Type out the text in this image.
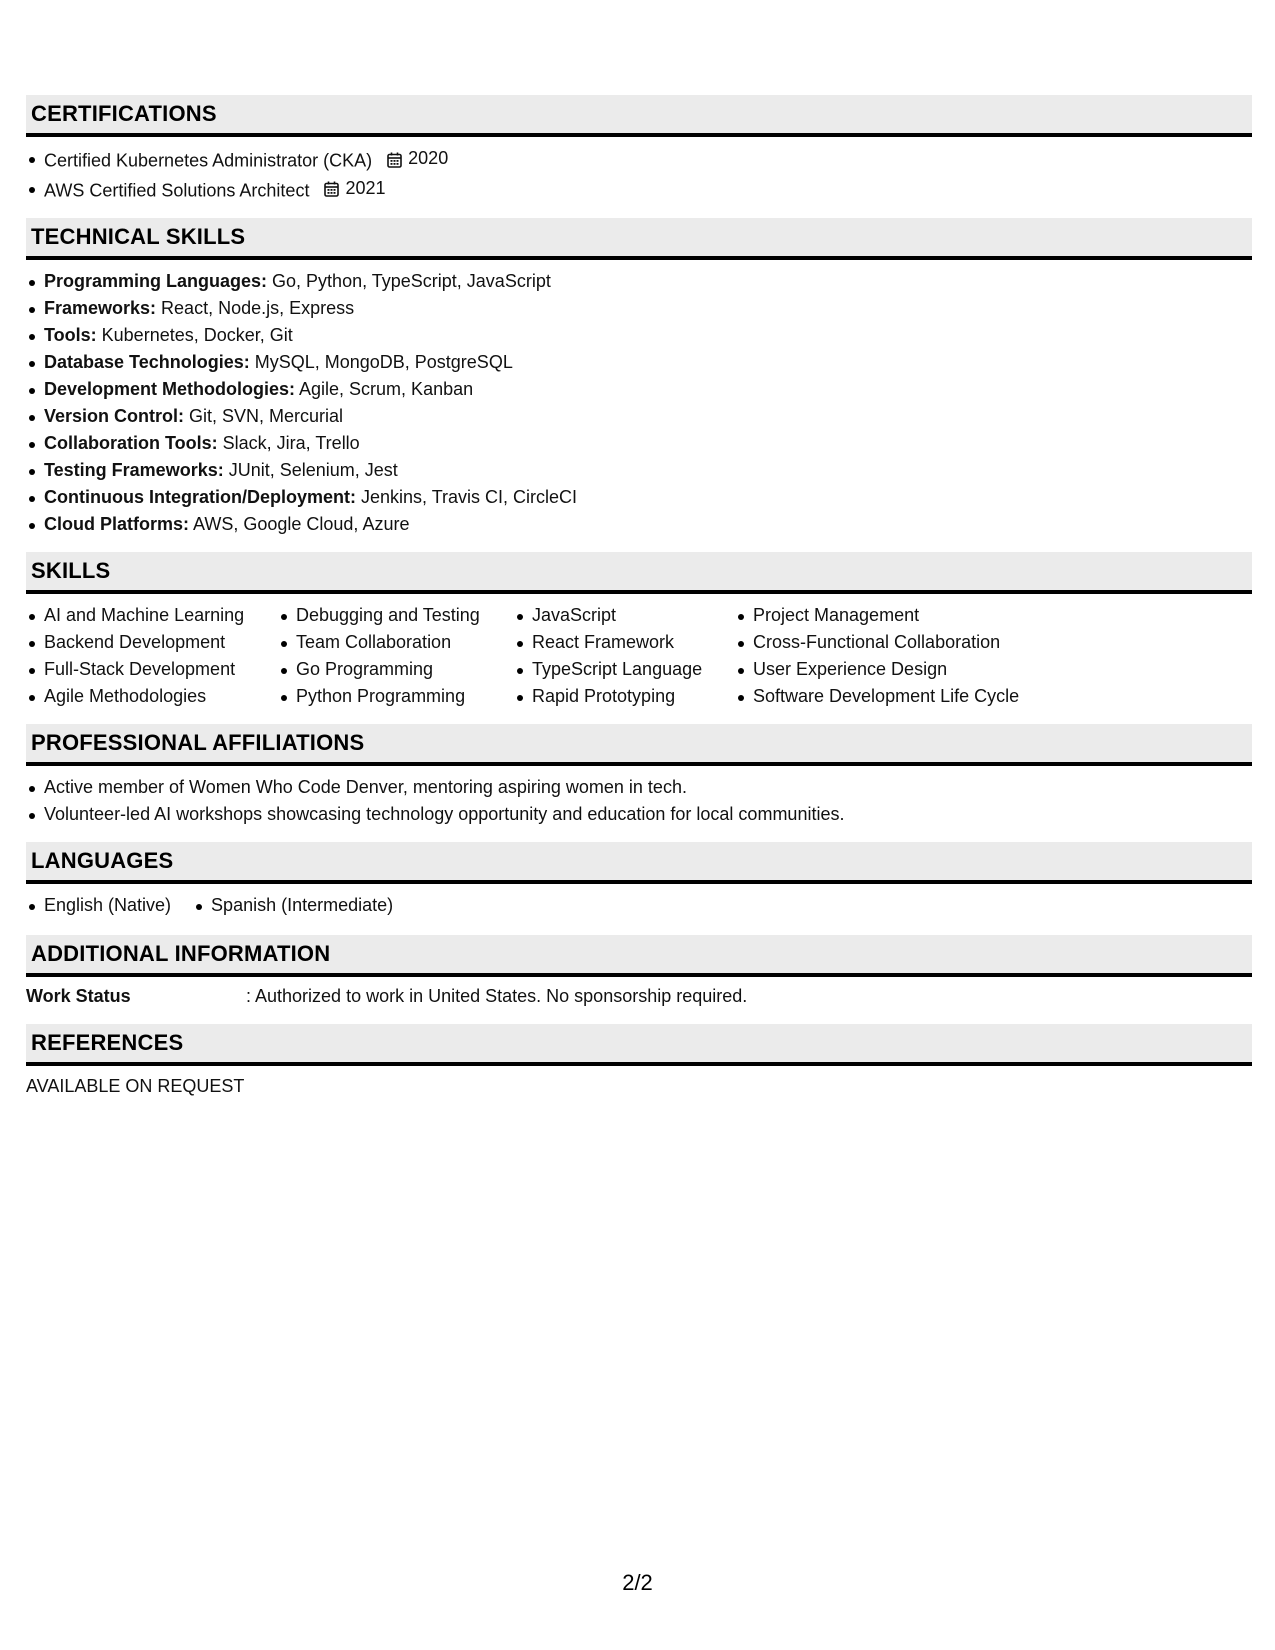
CERTIFICATIONS
Certified Kubernetes Administrator (CKA) 2020
AWS Certified Solutions Architect 2021
TECHNICAL SKILLS
Programming Languages: Go, Python, TypeScript, JavaScript
Frameworks: React, Node.js, Express
Tools: Kubernetes, Docker, Git
Database Technologies: MySQL, MongoDB, PostgreSQL
Development Methodologies: Agile, Scrum, Kanban
Version Control: Git, SVN, Mercurial
Collaboration Tools: Slack, Jira, Trello
Testing Frameworks: JUnit, Selenium, Jest
Continuous Integration/Deployment: Jenkins, Travis CI, CircleCI
Cloud Platforms: AWS, Google Cloud, Azure
SKILLS
AI and Machine Learning
Backend Development
Full-Stack Development
Agile Methodologies
Debugging and Testing
Team Collaboration
Go Programming
Python Programming
JavaScript
React Framework
TypeScript Language
Rapid Prototyping
Project Management
Cross-Functional Collaboration
User Experience Design
Software Development Life Cycle
PROFESSIONAL AFFILIATIONS
Active member of Women Who Code Denver, mentoring aspiring women in tech.
Volunteer-led AI workshops showcasing technology opportunity and education for local communities.
LANGUAGES
English (Native)	Spanish (Intermediate)
ADDITIONAL INFORMATION
Work Status	: Authorized to work in United States. No sponsorship required.
REFERENCES
AVAILABLE ON REQUEST
2/2
